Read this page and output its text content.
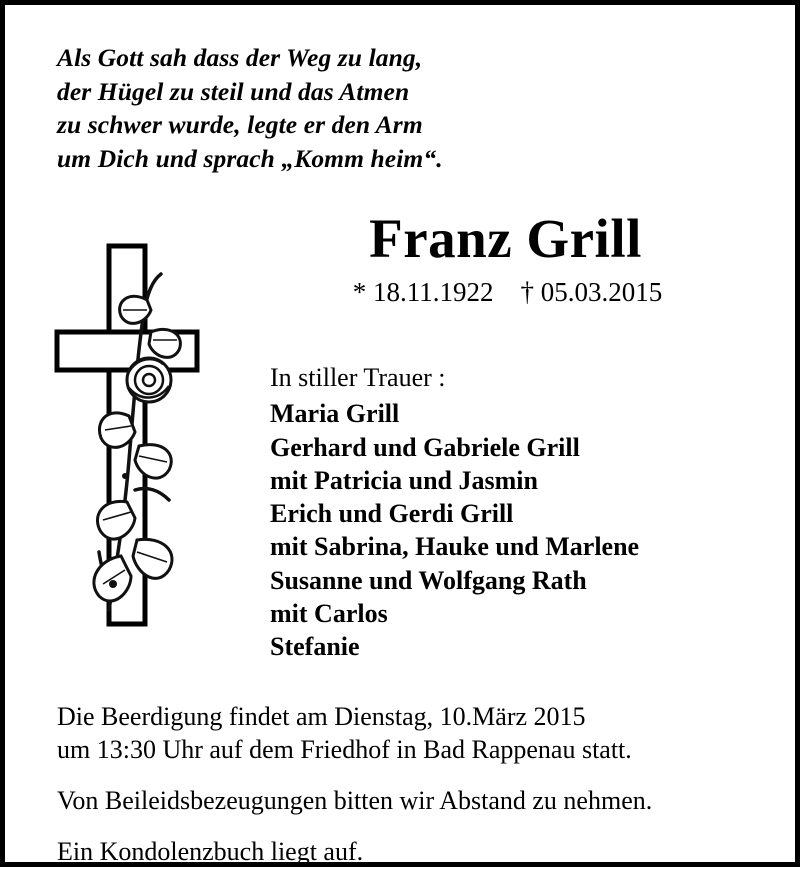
Als Gott sah dass der Weg zu lang,
der Hügel zu steil und das Atmen
zu schwer wurde, legte er den Arm
um Dich und sprach „Komm heim“.
Franz Grill
* 18.11.1922    † 05.03.2015
In stiller Trauer :
Maria Grill
Gerhard und Gabriele Grill
mit Patricia und Jasmin
Erich und Gerdi Grill
mit Sabrina, Hauke und Marlene
Susanne und Wolfgang Rath
mit Carlos
Stefanie
Die Beerdigung findet am Dienstag, 10.März 2015
um 13:30 Uhr auf dem Friedhof in Bad Rappenau statt.
Von Beileidsbezeugungen bitten wir Abstand zu nehmen.
Ein Kondolenzbuch liegt auf.
